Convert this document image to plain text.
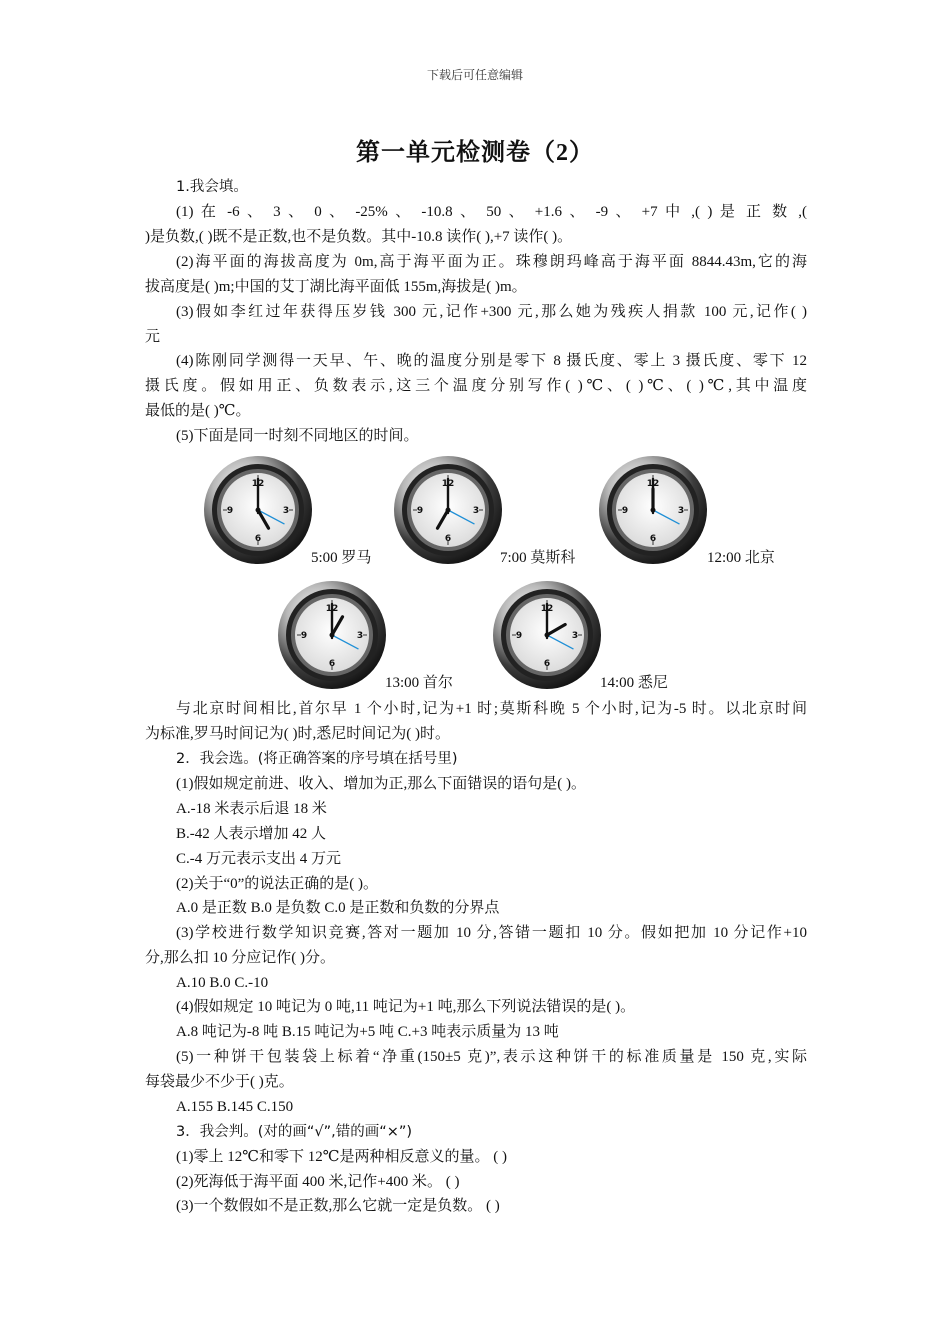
下载后可任意编辑
第一单元检测卷（2）
1.我会填。
(1) 在 -6 、 3 、 0 、 -25% 、 -10.8 、 50 、 +1.6 、 -9 、 +7 中 ,( ) 是 正 数 ,(
)是负数,( )既不是正数,也不是负数。其中-10.8 读作( ),+7 读作( )。
(2)海平面的海拔高度为 0m,高于海平面为正。珠穆朗玛峰高于海平面 8844.43m,它的海
拔高度是( )m;中国的艾丁湖比海平面低 155m,海拔是( )m。
(3)假如李红过年获得压岁钱 300 元,记作+300 元,那么她为残疾人捐款 100 元,记作( )
元
(4)陈刚同学测得一天早、午、晚的温度分别是零下 8 摄氏度、零上 3 摄氏度、零下 12
摄氏度。假如用正、负数表示,这三个温度分别写作( )℃、( )℃、( )℃,其中温度
最低的是( )℃。
(5)下面是同一时刻不同地区的时间。
5:00 罗马	7:00 莫斯科	12:00 北京
13:00 首尔	14:00 悉尼
与北京时间相比,首尔早 1 个小时,记为+1 时;莫斯科晚 5 个小时,记为-5 时。以北京时间
为标准,罗马时间记为( )时,悉尼时间记为( )时。
2．我会选。(将正确答案的序号填在括号里)
(1)假如规定前进、收入、增加为正,那么下面错误的语句是( )。
A.-18 米表示后退 18 米
B.-42 人表示增加 42 人
C.-4 万元表示支出 4 万元
(2)关于“0”的说法正确的是( )。
A.0 是正数 B.0 是负数 C.0 是正数和负数的分界点
(3)学校进行数学知识竞赛,答对一题加 10 分,答错一题扣 10 分。假如把加 10 分记作+10
分,那么扣 10 分应记作( )分。
A.10 B.0 C.-10
(4)假如规定 10 吨记为 0 吨,11 吨记为+1 吨,那么下列说法错误的是( )。
A.8 吨记为-8 吨 B.15 吨记为+5 吨 C.+3 吨表示质量为 13 吨
(5)一种饼干包装袋上标着“净重(150±5 克)”,表示这种饼干的标准质量是 150 克,实际
每袋最少不少于( )克。
A.155 B.145 C.150
3．我会判。(对的画“√”,错的画“×”)
(1)零上 12℃和零下 12℃是两种相反意义的量。 ( )
(2)死海低于海平面 400 米,记作+400 米。 ( )
(3)一个数假如不是正数,那么它就一定是负数。 ( )
